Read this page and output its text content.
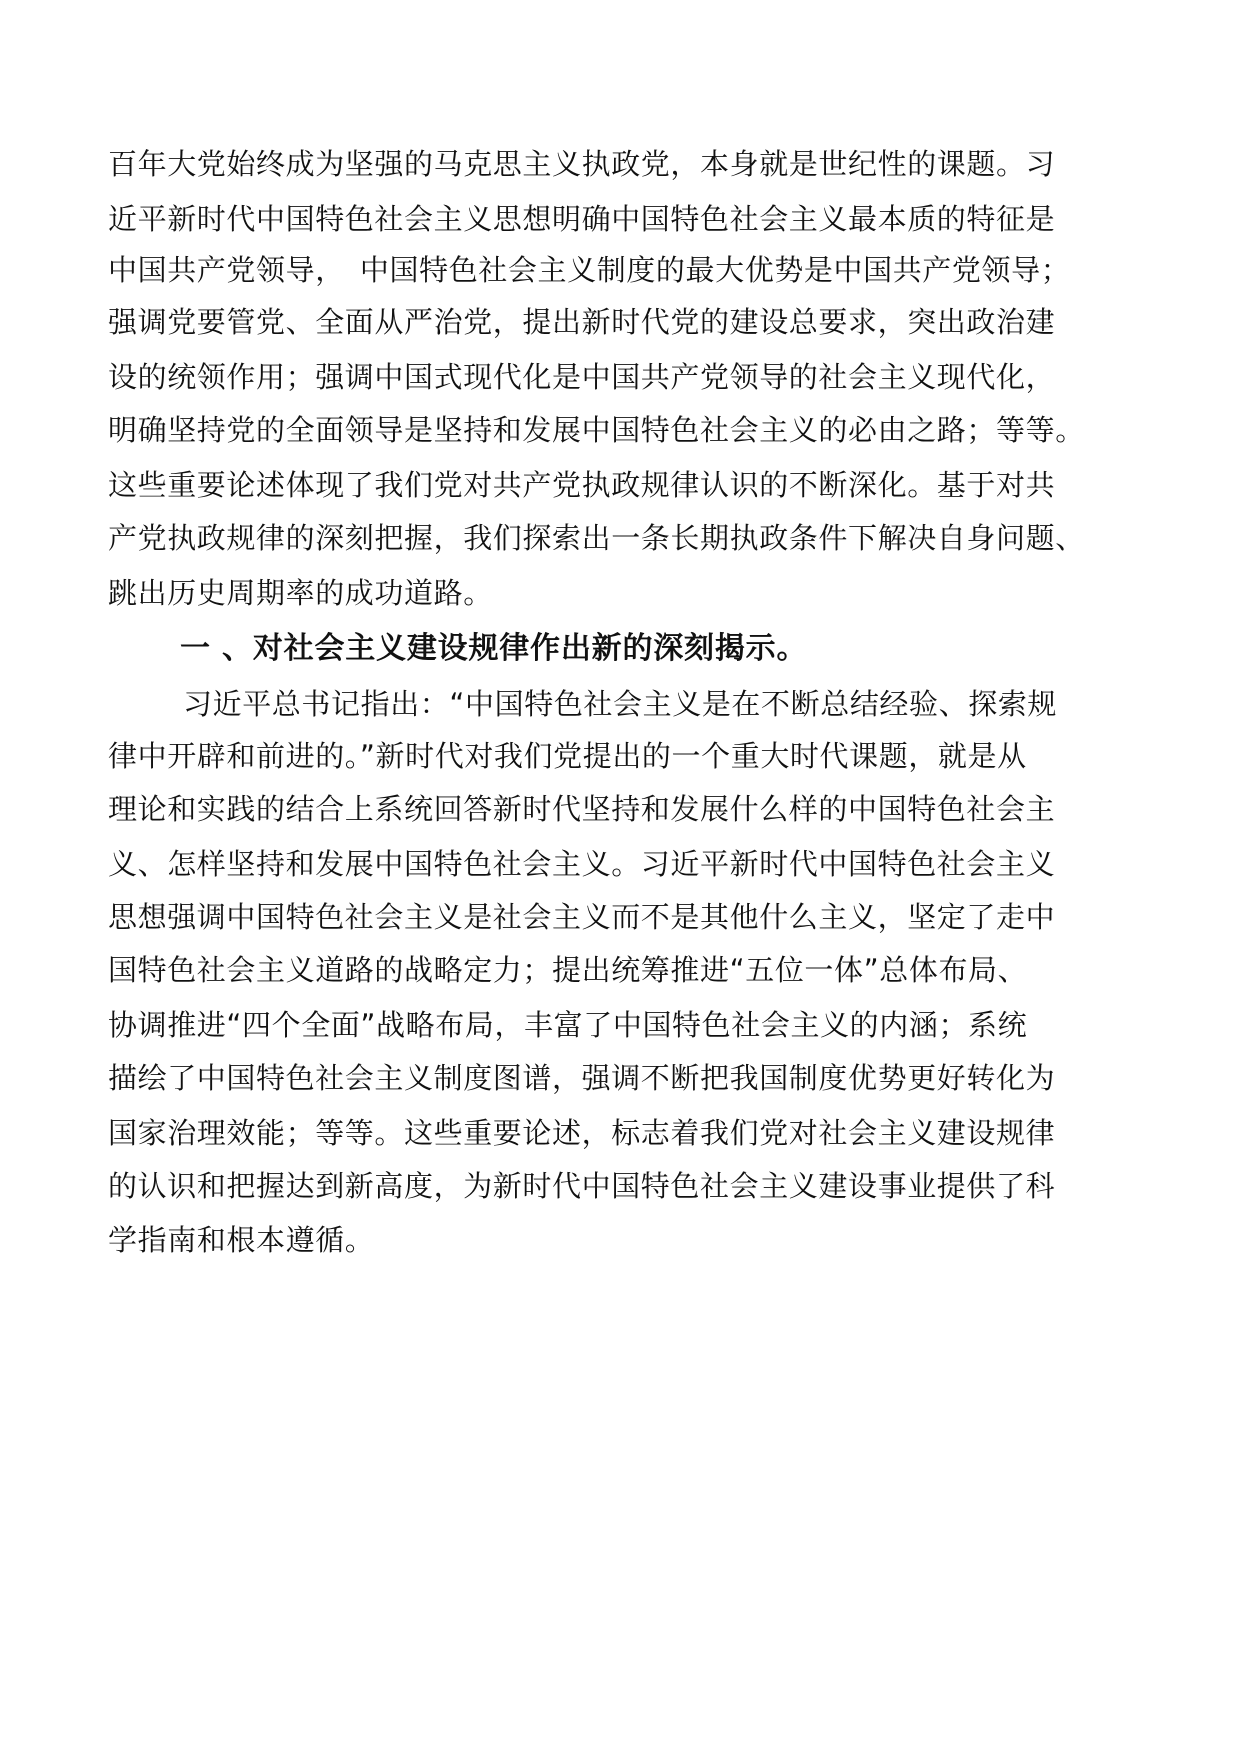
百年大党始终成为坚强的马克思主义执政党，本身就是世纪性的课题。习
近平新时代中国特色社会主义思想明确中国特色社会主义最本质的特征是
中国共产党领导，　中国特色社会主义制度的最大优势是中国共产党领导；
强调党要管党、全面从严治党，提出新时代党的建设总要求，突出政治建
设的统领作用；强调中国式现代化是中国共产党领导的社会主义现代化，
明确坚持党的全面领导是坚持和发展中国特色社会主义的必由之路；等等。
这些重要论述体现了我们党对共产党执政规律认识的不断深化。基于对共
产党执政规律的深刻把握，我们探索出一条长期执政条件下解决自身问题、
跳出历史周期率的成功道路。
一 、对社会主义建设规律作出新的深刻揭示。
习近平总书记指出：“中国特色社会主义是在不断总结经验、探索规
律中开辟和前进的。”新时代对我们党提出的一个重大时代课题，就是从
理论和实践的结合上系统回答新时代坚持和发展什么样的中国特色社会主
义、怎样坚持和发展中国特色社会主义。习近平新时代中国特色社会主义
思想强调中国特色社会主义是社会主义而不是其他什么主义，坚定了走中
国特色社会主义道路的战略定力；提出统筹推进“五位一体”总体布局、
协调推进“四个全面”战略布局，丰富了中国特色社会主义的内涵；系统
描绘了中国特色社会主义制度图谱，强调不断把我国制度优势更好转化为
国家治理效能；等等。这些重要论述，标志着我们党对社会主义建设规律
的认识和把握达到新高度，为新时代中国特色社会主义建设事业提供了科
学指南和根本遵循。
